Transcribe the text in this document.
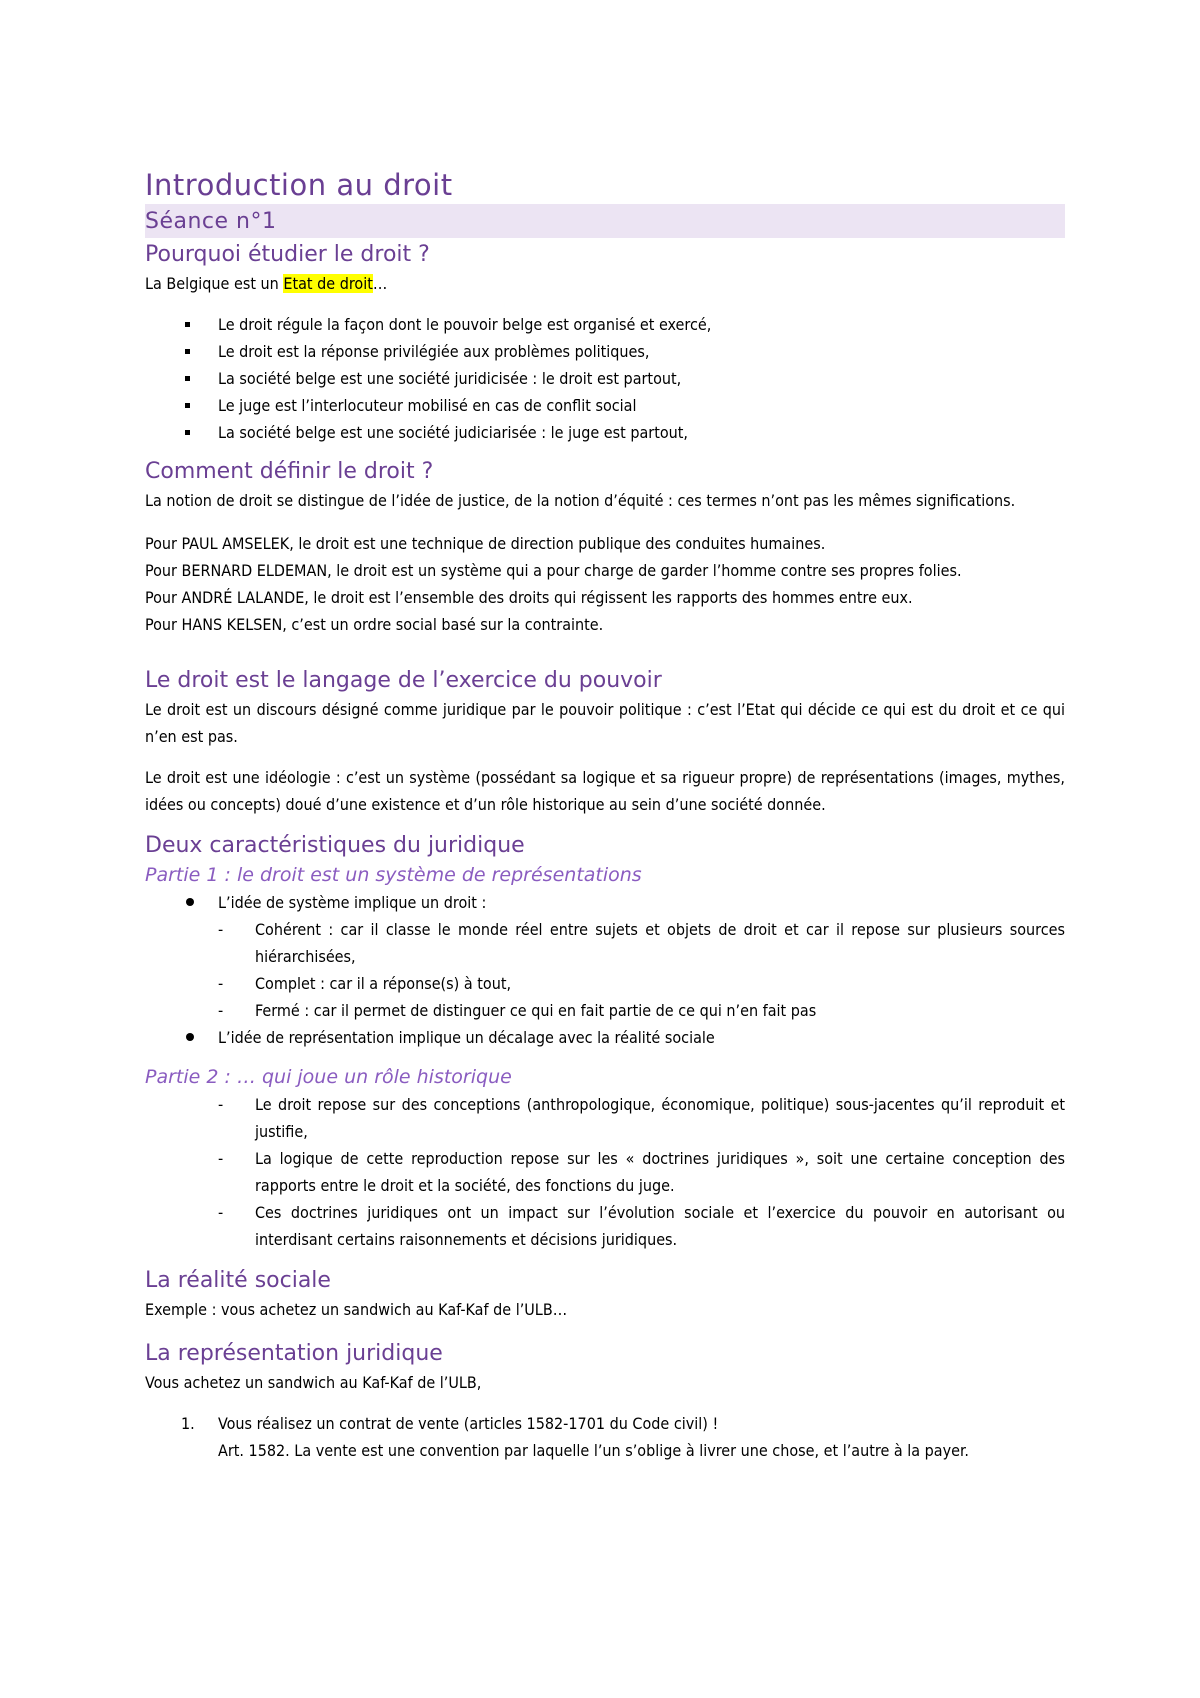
Introduction au droit
Séance n°1
Pourquoi étudier le droit ?

La Belgique est un Etat de droit…

Le droit régule la façon dont le pouvoir belge est organisé et exercé,
Le droit est la réponse privilégiée aux problèmes politiques,
La société belge est une société juridicisée : le droit est partout,
Le juge est l’interlocuteur mobilisé en cas de conflit social
La société belge est une société judiciarisée : le juge est partout,
Comment définir le droit ?

La notion de droit se distingue de l’idée de justice, de la notion d’équité : ces termes n’ont pas les mêmes significations.

Pour PAUL AMSELEK, le droit est une technique de direction publique des conduites humaines.

Pour BERNARD ELDEMAN, le droit est un système qui a pour charge de garder l’homme contre ses propres folies.

Pour ANDRÉ LALANDE, le droit est l’ensemble des droits qui régissent les rapports des hommes entre eux.

Pour HANS KELSEN, c’est un ordre social basé sur la contrainte.

Le droit est le langage de l’exercice du pouvoir

Le droit est un discours désigné comme juridique par le pouvoir politique : c’est l’Etat qui décide ce qui est du droit et ce qui n’en est pas.

Le droit est une idéologie : c’est un système (possédant sa logique et sa rigueur propre) de représentations (images, mythes, idées ou concepts) doué d’une existence et d’un rôle historique au sein d’une société donnée.

Deux caractéristiques du juridique
Partie 1 : le droit est un système de représentations
L’idée de système implique un droit :
- Cohérent : car il classe le monde réel entre sujets et objets de droit et car il repose sur plusieurs sources hiérarchisées,
- Complet : car il a réponse(s) à tout,
- Fermé : car il permet de distinguer ce qui en fait partie de ce qui n’en fait pas
L’idée de représentation implique un décalage avec la réalité sociale
Partie 2 : … qui joue un rôle historique
- Le droit repose sur des conceptions (anthropologique, économique, politique) sous-jacentes qu’il reproduit et justifie,
- La logique de cette reproduction repose sur les « doctrines juridiques », soit une certaine conception des rapports entre le droit et la société, des fonctions du juge.
- Ces doctrines juridiques ont un impact sur l’évolution sociale et l’exercice du pouvoir en autorisant ou interdisant certains raisonnements et décisions juridiques.
La réalité sociale

Exemple : vous achetez un sandwich au Kaf-Kaf de l’ULB…

La représentation juridique

Vous achetez un sandwich au Kaf-Kaf de l’ULB,

1. Vous réalisez un contrat de vente (articles 1582-1701 du Code civil) !
Art. 1582. La vente est une convention par laquelle l’un s’oblige à livrer une chose, et l’autre à la payer.
